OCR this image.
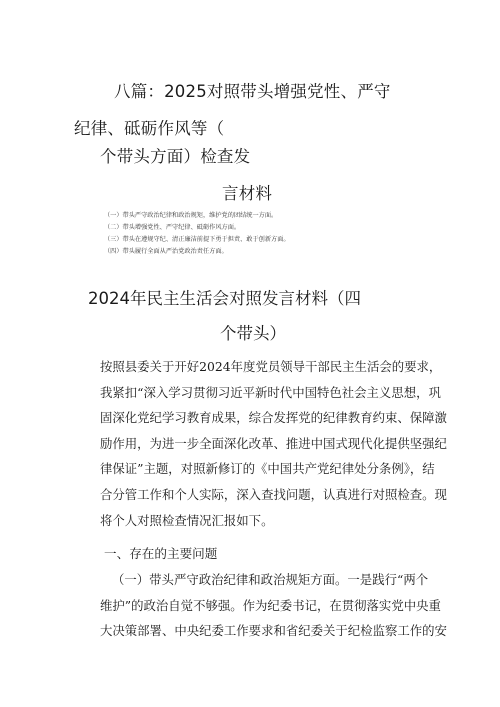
八篇：2025对照带头增强党性、严守
纪律、砥砺作风等（
个带头方面）检查发
言材料
（一）带头严守政治纪律和政治规矩，维护党的团结统一方面。
（二）带头增强党性、严守纪律、砥砺作风方面。
（三）带头在遵规守纪、清正廉洁前提下勇于担责、敢于创新方面。
（四）带头履行全面从严治党政治责任方面。
2024年民主生活会对照发言材料（四
个带头）
按照县委关于开好2024年度党员领导干部民主生活会的要求，
我紧扣“深入学习贯彻习近平新时代中国特色社会主义思想，巩
固深化党纪学习教育成果，综合发挥党的纪律教育约束、保障激
励作用，为进一步全面深化改革、推进中国式现代化提供坚强纪
律保证”主题，对照新修订的《中国共产党纪律处分条例》，结
合分管工作和个人实际，深入查找问题，认真进行对照检查。现
将个人对照检查情况汇报如下。
一、存在的主要问题
（一）带头严守政治纪律和政治规矩方面。一是践行“两个
维护”的政治自觉不够强。作为纪委书记，在贯彻落实党中央重
大决策部署、中央纪委工作要求和省纪委关于纪检监察工作的安
